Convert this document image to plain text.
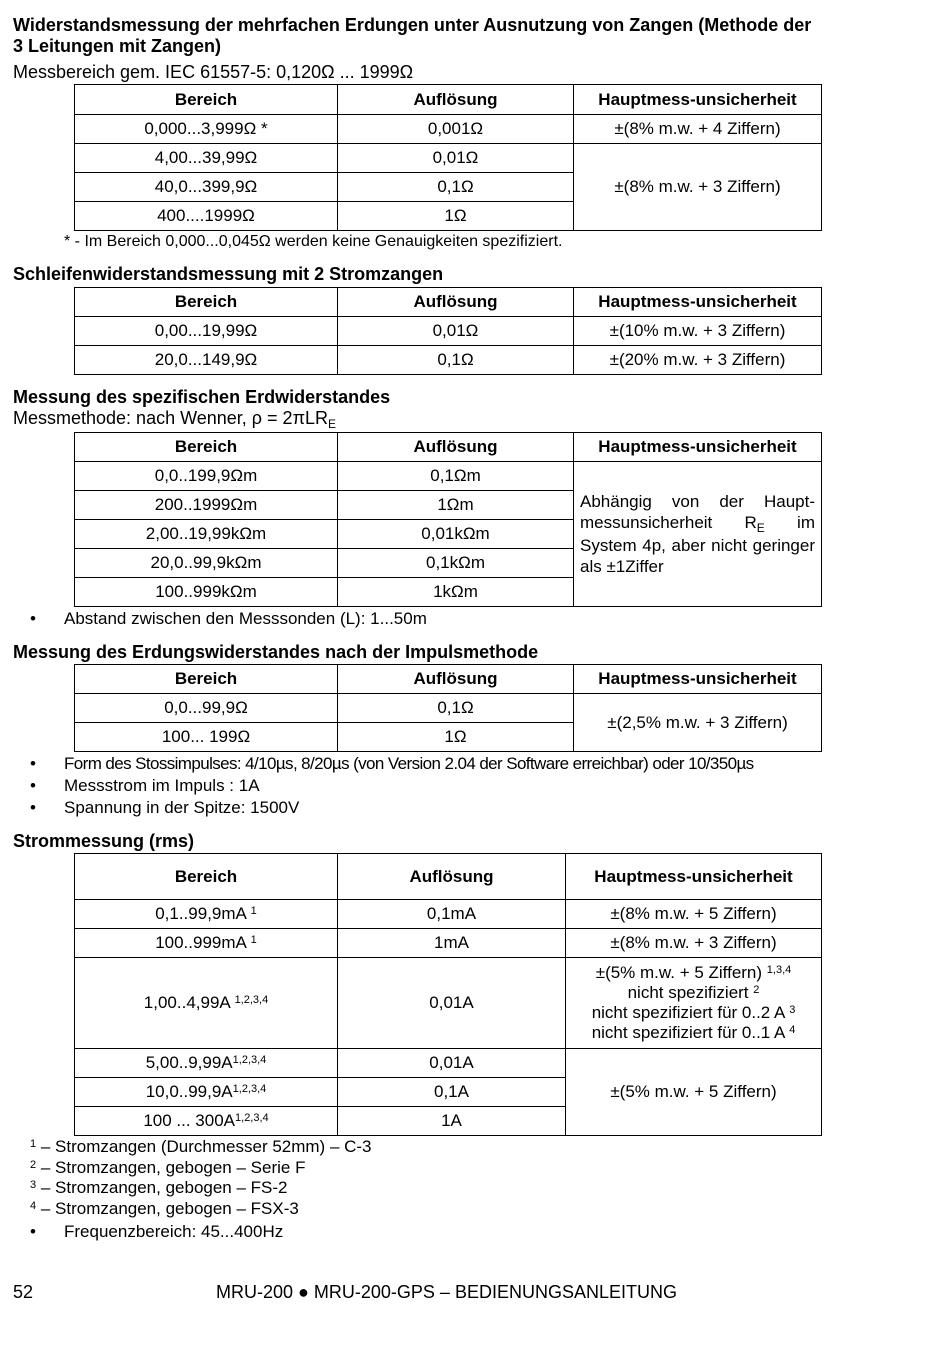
Widerstandsmessung der mehrfachen Erdungen unter Ausnutzung von Zangen (Methode der
3 Leitungen mit Zangen)
Messbereich gem. IEC 61557-5: 0,120Ω ... 1999Ω
Bereich	Auflösung	Hauptmess-unsicherheit
0,000...3,999Ω *	0,001Ω	±(8% m.w. + 4 Ziffern)
4,00...39,99Ω	0,01Ω	±(8% m.w. + 3 Ziffern)
40,0...399,9Ω	0,1Ω	
400....1999Ω	1Ω	
* - Im Bereich 0,000...0,045Ω werden keine Genauigkeiten spezifiziert.
Schleifenwiderstandsmessung mit 2 Stromzangen
Bereich	Auflösung	Hauptmess-unsicherheit
0,00...19,99Ω	0,01Ω	±(10% m.w. + 3 Ziffern)
20,0...149,9Ω	0,1Ω	±(20% m.w. + 3 Ziffern)
Messung des spezifischen Erdwiderstandes
Messmethode: nach Wenner, ρ = 2πLR$_E$
Bereich	Auflösung	Hauptmess-unsicherheit
0,0..199,9Ωm	0,1Ωm	Abhängig von der Haupt-messunsicherheit $R_E$ im System 4p, aber nicht geringer als ±1Ziffer
200..1999Ωm	1Ωm	
2,00..19,99kΩm	0,01kΩm	
20,0..99,9kΩm	0,1kΩm	
100..999kΩm	1kΩm	
• Abstand zwischen den Messsonden (L): 1...50m
Messung des Erdungswiderstandes nach der Impulsmethode
Bereich	Auflösung	Hauptmess-unsicherheit
0,0...99,9Ω	0,1Ω	±(2,5% m.w. + 3 Ziffern)
100... 199Ω	1Ω	
• Form des Stossimpulses: 4/10µs, 8/20µs (von Version 2.04 der Software erreichbar) oder 10/350µs
• Messstrom im Impuls : 1A
• Spannung in der Spitze: 1500V
Strommessung (rms)
Bereich	Auflösung	Hauptmess-unsicherheit
0,1..99,9mA $^1$	0,1mA	±(8% m.w. + 5 Ziffern)
100..999mA $^1$	1mA	±(8% m.w. + 3 Ziffern)
1,00..4,99A $^{1,2,3,4}$	0,01A	±(5% m.w. + 5 Ziffern) $^{1,3,4}$
nicht spezifiziert $^2$
nicht spezifiziert für 0..2 A $^3$
nicht spezifiziert für 0..1 A $^4$

$5,00..9,99A^{1,2,3,4}$	0,01A	±(5% m.w. + 5 Ziffern)
$10,0..99,9A^{1,2,3,4}$	0,1A	
100 ... $300A^{1,2,3,4}$	1A	
$^1$ – Stromzangen (Durchmesser 52mm) – C-3
$^2$ – Stromzangen, gebogen – Serie F
$^3$ – Stromzangen, gebogen – FS-2
$^4$ – Stromzangen, gebogen – FSX-3
• Frequenzbereich: 45...400Hz
52	MRU-200 ● MRU-200-GPS – BEDIENUNGSANLEITUNG
